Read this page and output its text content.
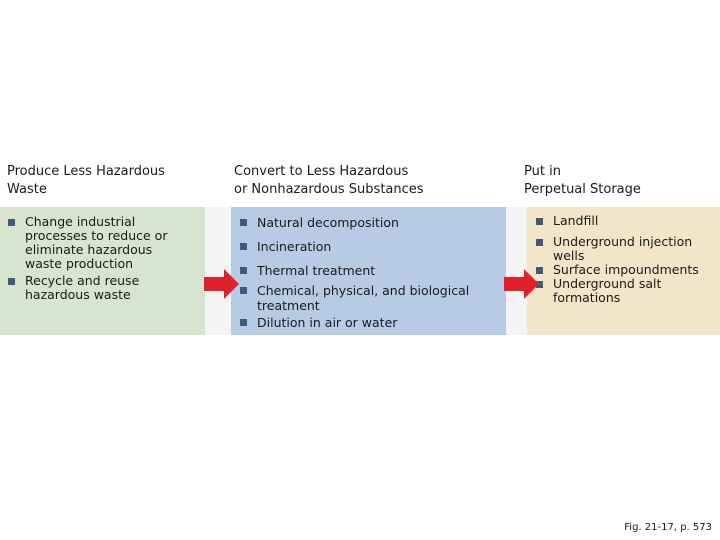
Produce Less Hazardous
Waste
Convert to Less Hazardous
or Nonhazardous Substances
Put in
Perpetual Storage
Change industrial processes to reduce or eliminate hazardous waste production
Recycle and reuse hazardous waste
Natural decomposition
Incineration
Thermal treatment
Chemical, physical, and biological treatment
Dilution in air or water
Landfill
Underground injection wells
Surface impoundments
Underground salt formations
Fig. 21-17, p. 573
